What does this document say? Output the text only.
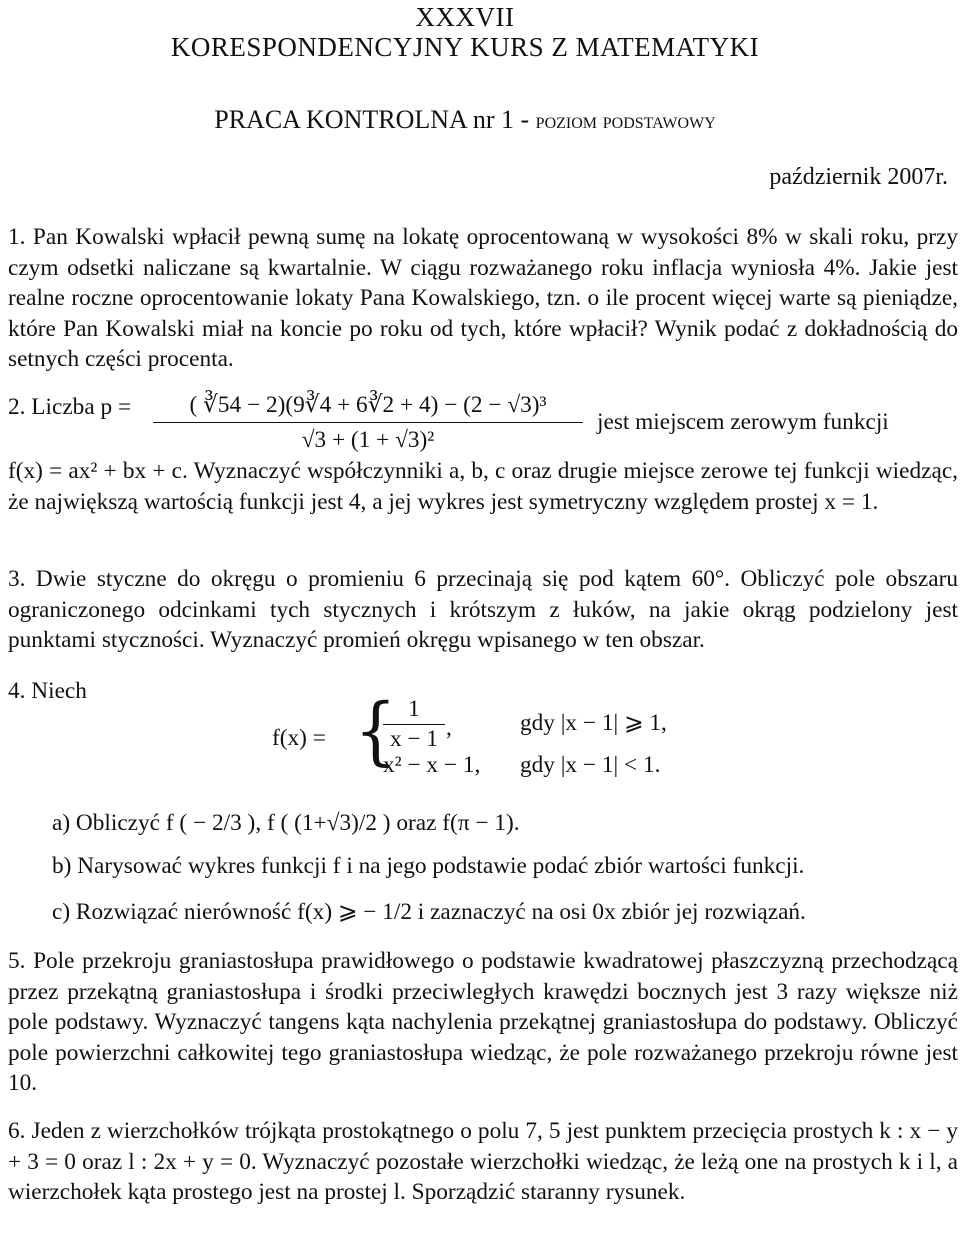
XXXVII
KORESPONDENCYJNY KURS Z MATEMATYKI
PRACA KONTROLNA nr 1 - poziom podstawowy
październik 2007r.
1. Pan Kowalski wpłacił pewną sumę na lokatę oprocentowaną w wysokości 8% w skali roku, przy czym odsetki naliczane są kwartalnie. W ciągu rozważanego roku inflacja wyniosła 4%. Jakie jest realne roczne oprocentowanie lokaty Pana Kowalskiego, tzn. o ile procent więcej warte są pieniądze, które Pan Kowalski miał na koncie po roku od tych, które wpłacił? Wynik podać z dokładnością do setnych części procenta.
2. Liczba $p = \frac{\text{( ∛54 − 2)(9∛4 + 6∛2 + 4) − (2 − √3)³}}{\text{√3 + (1 + √3)²}}$ jest miejscem zerowym funkcji
f(x) = ax² + bx + c. Wyznaczyć współczynniki a, b, c oraz drugie miejsce zerowe tej funkcji wiedząc, że największą wartością funkcji jest 4, a jej wykres jest symetryczny względem prostej x = 1.
3. Dwie styczne do okręgu o promieniu 6 przecinają się pod kątem 60°. Obliczyć pole obszaru ograniczonego odcinkami tych stycznych i krótszym z łuków, na jakie okrąg podzielony jest punktami styczności. Wyznaczyć promień okręgu wpisanego w ten obszar.
4. Niech
f(x) = {
$\frac{1}{x - 1}$ ,	gdy |x − 1| ⩾ 1,
x² − x − 1, gdy |x − 1| < 1.
a) Obliczyć f ( − 2/3 ), f ( (1+√3)/2 ) oraz f(π − 1).
b) Narysować wykres funkcji f i na jego podstawie podać zbiór wartości funkcji.
c) Rozwiązać nierówność f(x) ⩾ − 1/2 i zaznaczyć na osi 0x zbiór jej rozwiązań.
5. Pole przekroju graniastosłupa prawidłowego o podstawie kwadratowej płaszczyzną przechodzącą przez przekątną graniastosłupa i środki przeciwległych krawędzi bocznych jest 3 razy większe niż pole podstawy. Wyznaczyć tangens kąta nachylenia przekątnej graniastosłupa do podstawy. Obliczyć pole powierzchni całkowitej tego graniastosłupa wiedząc, że pole rozważanego przekroju równe jest 10.
6. Jeden z wierzchołków trójkąta prostokątnego o polu 7, 5 jest punktem przecięcia prostych k : x − y + 3 = 0 oraz l : 2x + y = 0. Wyznaczyć pozostałe wierzchołki wiedząc, że leżą one na prostych k i l, a wierzchołek kąta prostego jest na prostej l. Sporządzić staranny rysunek.
